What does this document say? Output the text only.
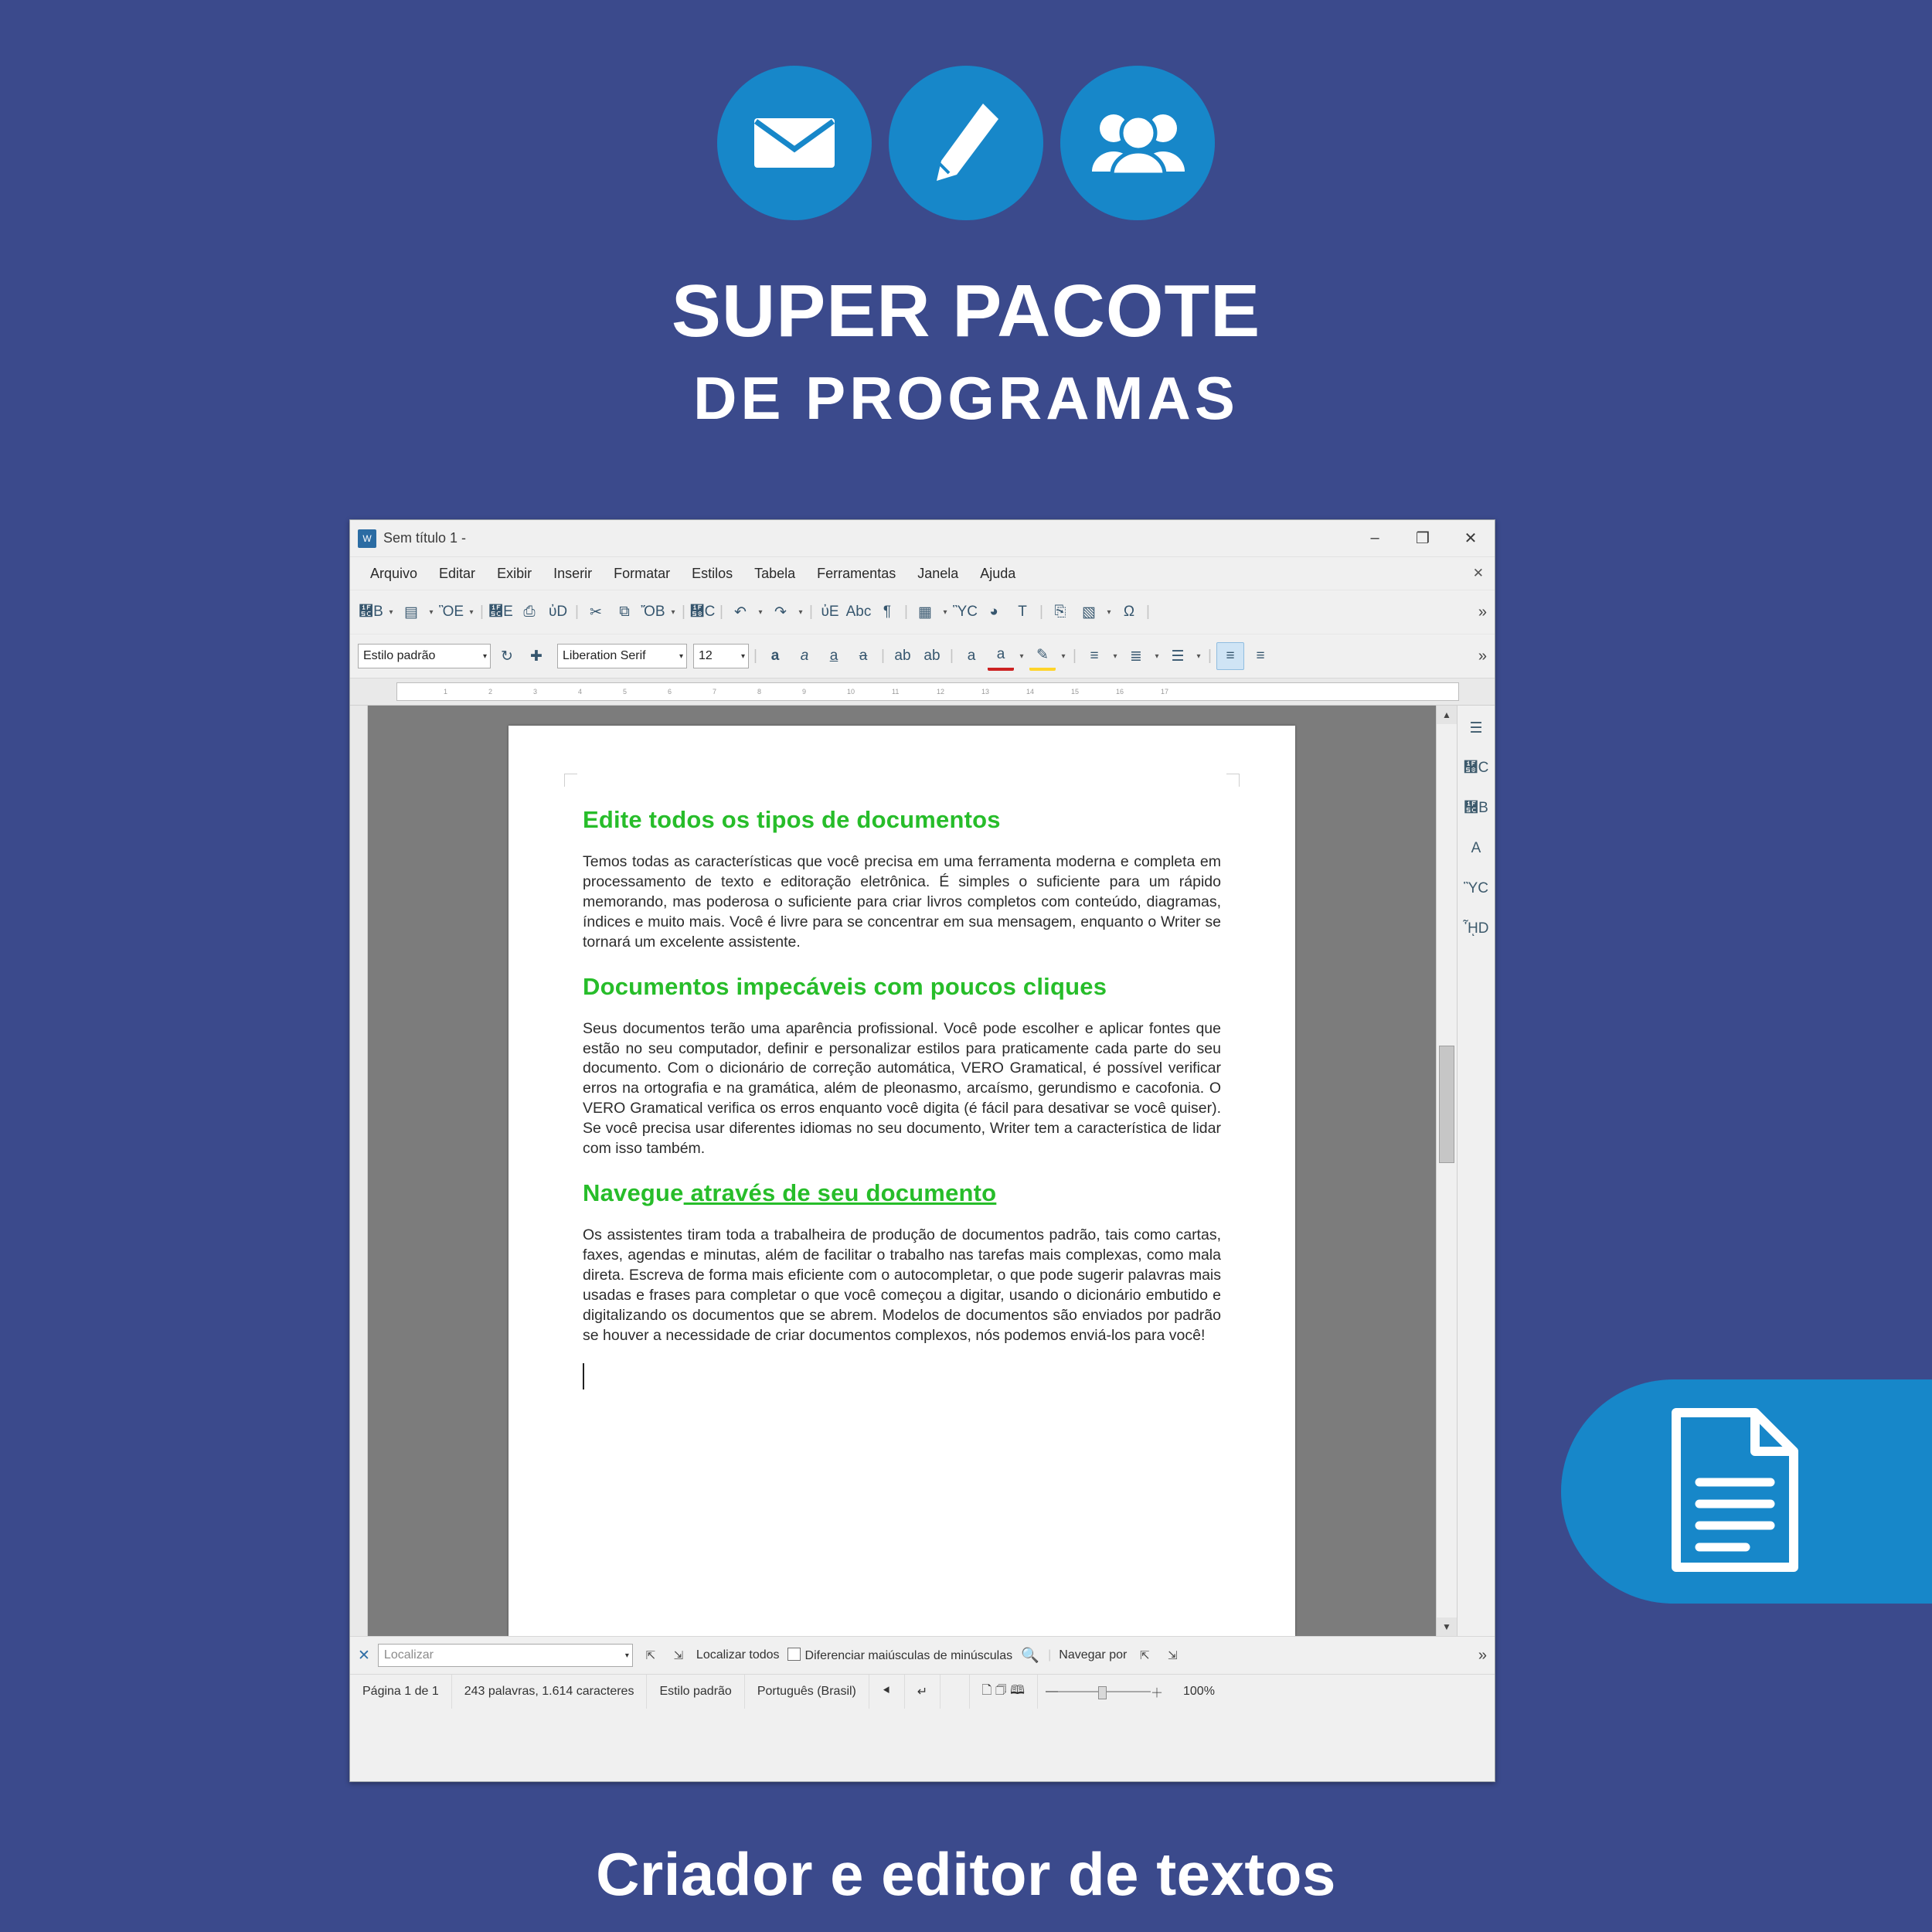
SUPER PACOTE
DE PROGRAMAS
Criador e editor de textos
W Sem título 1 -	–	❐	✕
Arquivo	Editar	Exibir	Inserir	Formatar	Estilos	Tabela	Ferramentas	Janela	Ajuda	✕
὜B ▾ ▤	▾ ὋE ▾ | ὜E ⎙ ὐD | ✂	⧉ ὌB ▾ | ὘C | ↶	▾ ↷	▾ | ὐE Abc ¶ | ▦	▾ ὛC ◕	T | ⎘	▧	▾ Ω |	»
Estilo padrão	▾ ↻	✚	Liberation Serif	▾ 12	▾ | a	a	a	a | ab ab | a	a	▾ ✎	▾ | ≡	▾ ≣	▾ ☰	▾ | ≡	≡	»
1	2	3	4	5	6	7	8	9	10	11	12	13	14	15	16	17
Edite todos os tipos de documentos

Temos todas as características que você precisa em uma ferramenta moderna e completa em processamento de texto e editoração eletrônica. É simples o suficiente para um rápido memorando, mas poderosa o suficiente para criar livros completos com conteúdo, diagramas, índices e muito mais. Você é livre para se concentrar em sua mensagem, enquanto o Writer se tornará um excelente assistente.

Documentos impecáveis com poucos cliques

Seus documentos terão uma aparência profissional. Você pode escolher e aplicar fontes que estão no seu computador, definir e personalizar estilos para praticamente cada parte do seu documento. Com o dicionário de correção automática, VERO Gramatical, é possível verificar erros na ortografia e na gramática, além de pleonasmo, arcaísmo, gerundismo e cacofonia. O VERO Gramatical verifica os erros enquanto você digita (é fácil para desativar se você quiser). Se você precisa usar diferentes idiomas no seu documento, Writer tem a característica de lidar com isso também.

Navegue através de seu documento

Os assistentes tiram toda a trabalheira de produção de documentos padrão, tais como cartas, faxes, agendas e minutas, além de facilitar o trabalho nas tarefas mais complexas, como mala direta. Escreva de forma mais eficiente com o autocompletar, o que pode sugerir palavras mais usadas e frases para completar o que você começou a digitar, usando o dicionário embutido e digitalizando os documentos que se abrem. Modelos de documentos são enviados por padrão se houver a necessidade de criar documentos complexos, nós podemos enviá-los para você!

▲
▼
☰
὘C
὜B
A
ὛC
ᾞD
✕ Localizar	▾	⇱	⇲	Localizar todos	Diferenciar maiúsculas de minúsculas 🔍 | Navegar por	⇱	⇲	»
Página 1 de 1	243 palavras, 1.614 caracteres	Estilo padrão	Português (Brasil)	⯇	↵
	🗋 🗇 🕮	—	＋	100%
